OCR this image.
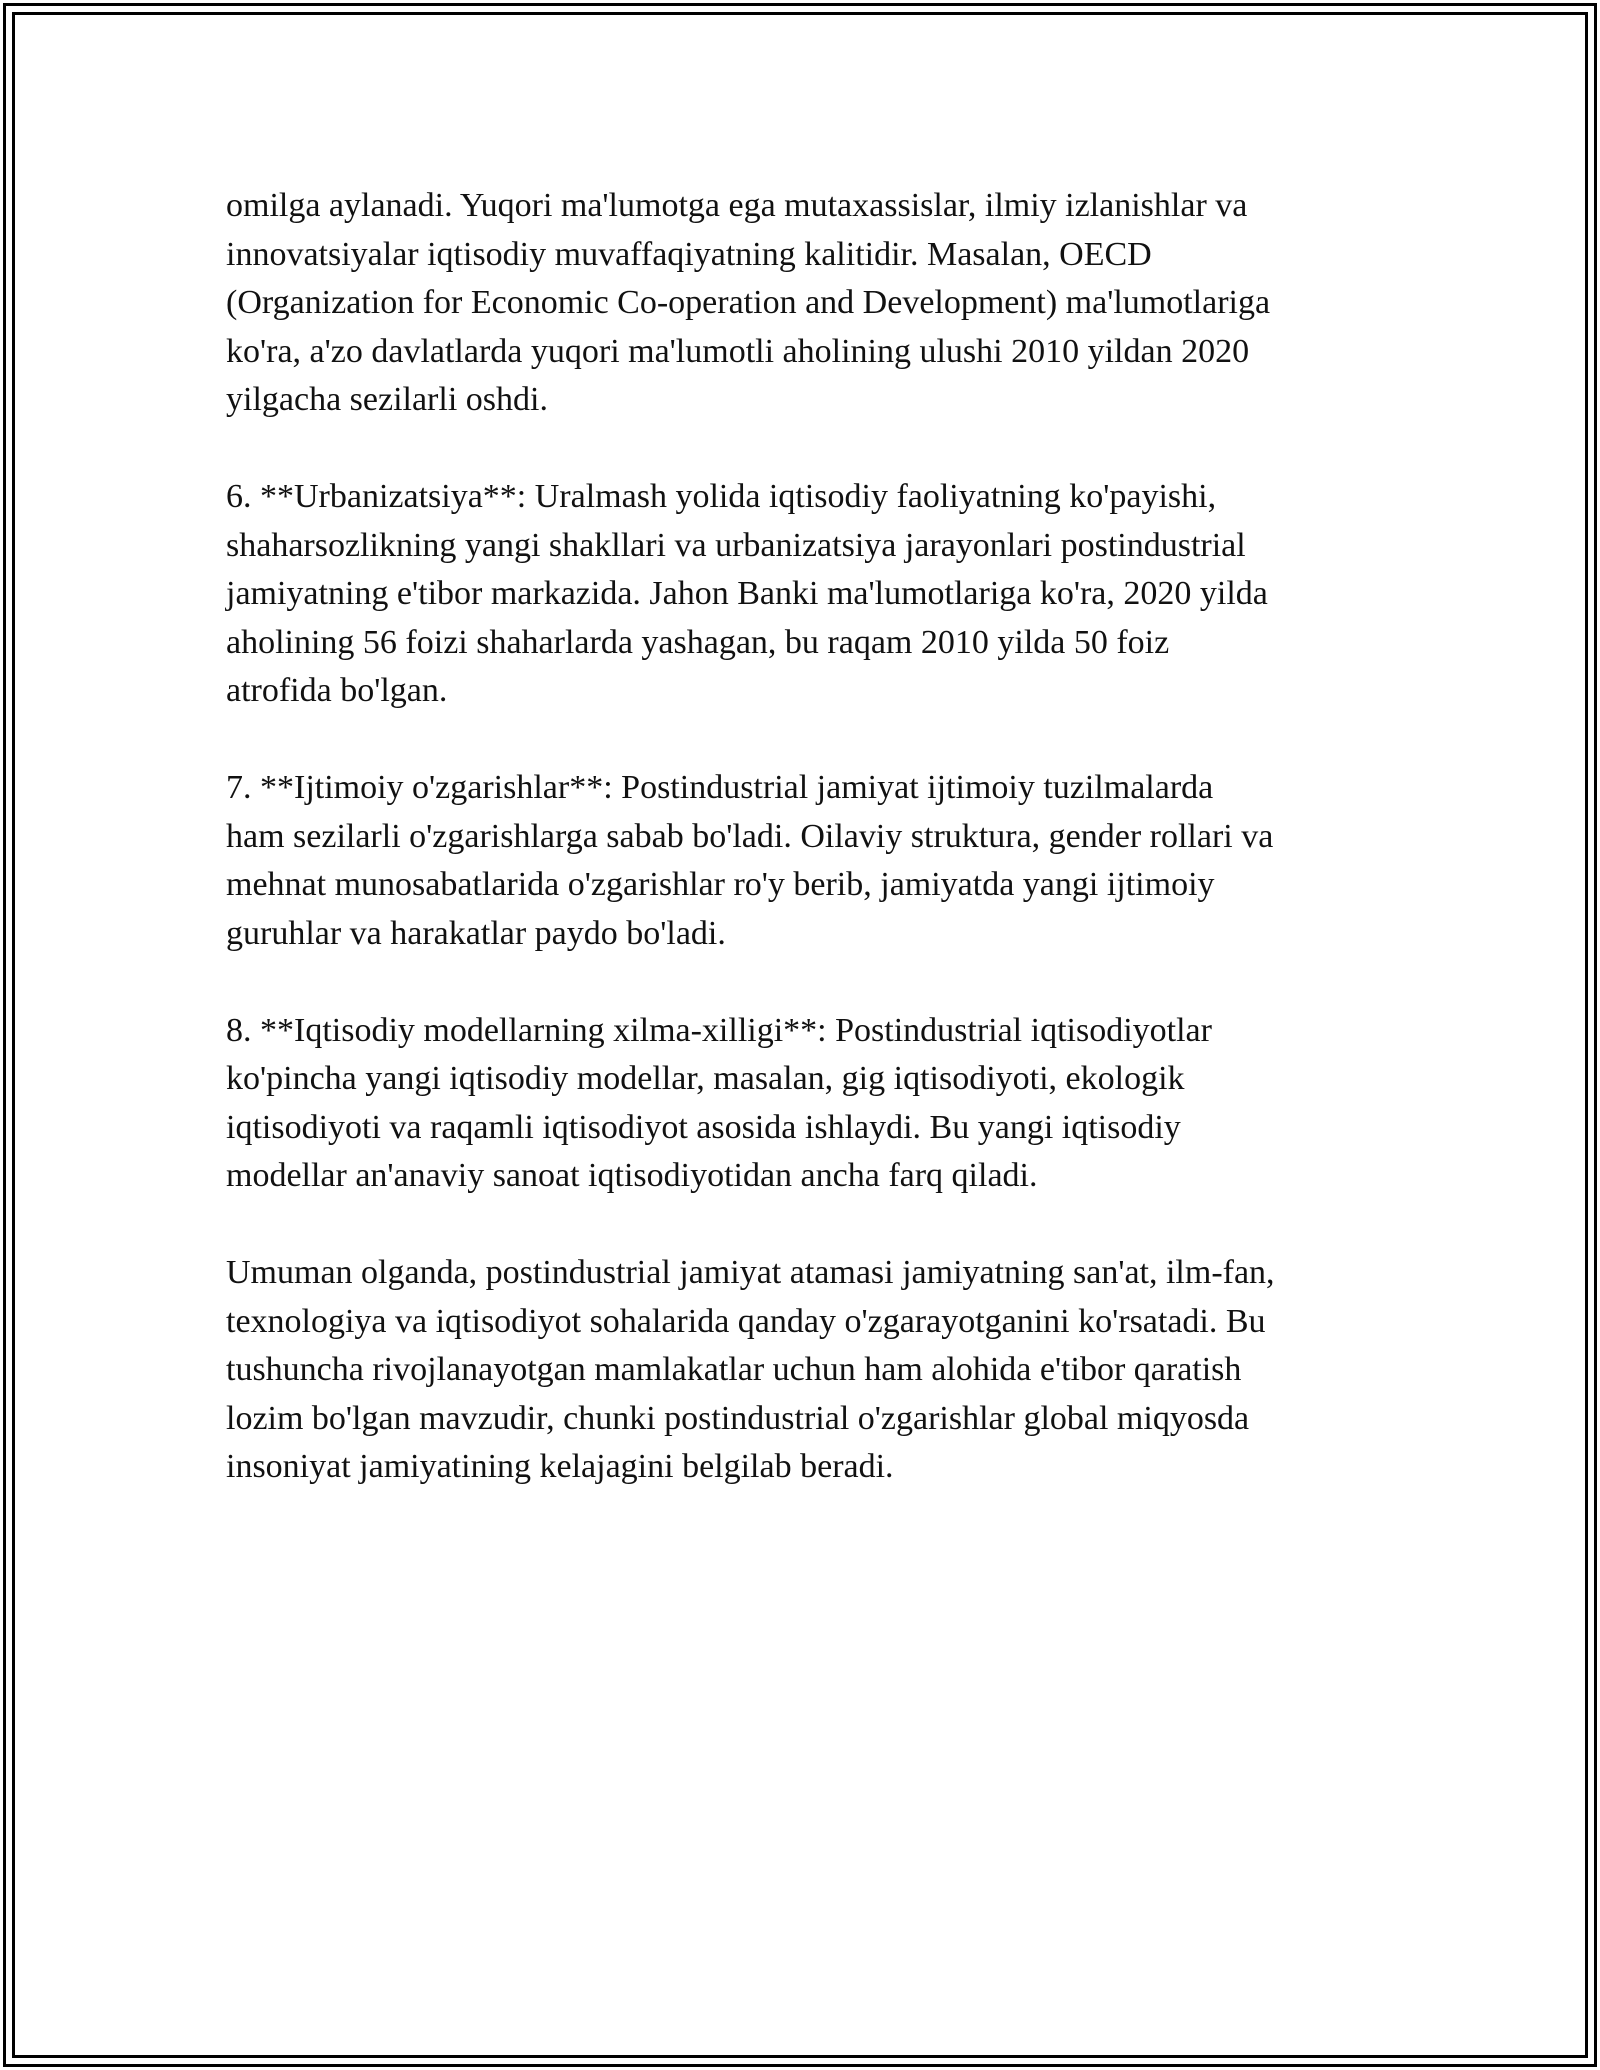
omilga aylanadi. Yuqori ma'lumotga ega mutaxassislar, ilmiy izlanishlar va
innovatsiyalar iqtisodiy muvaffaqiyatning kalitidir. Masalan, OECD
(Organization for Economic Co-operation and Development) ma'lumotlariga
ko'ra, a'zo davlatlarda yuqori ma'lumotli aholining ulushi 2010 yildan 2020
yilgacha sezilarli oshdi.

6. **Urbanizatsiya**: Uralmash yolida iqtisodiy faoliyatning ko'payishi,
shaharsozlikning yangi shakllari va urbanizatsiya jarayonlari postindustrial
jamiyatning e'tibor markazida. Jahon Banki ma'lumotlariga ko'ra, 2020 yilda
aholining 56 foizi shaharlarda yashagan, bu raqam 2010 yilda 50 foiz
atrofida bo'lgan.

7. **Ijtimoiy o'zgarishlar**: Postindustrial jamiyat ijtimoiy tuzilmalarda
ham sezilarli o'zgarishlarga sabab bo'ladi. Oilaviy struktura, gender rollari va
mehnat munosabatlarida o'zgarishlar ro'y berib, jamiyatda yangi ijtimoiy
guruhlar va harakatlar paydo bo'ladi.

8. **Iqtisodiy modellarning xilma-xilligi**: Postindustrial iqtisodiyotlar
ko'pincha yangi iqtisodiy modellar, masalan, gig iqtisodiyoti, ekologik
iqtisodiyoti va raqamli iqtisodiyot asosida ishlaydi. Bu yangi iqtisodiy
modellar an'anaviy sanoat iqtisodiyotidan ancha farq qiladi.

Umuman olganda, postindustrial jamiyat atamasi jamiyatning san'at, ilm-fan,
texnologiya va iqtisodiyot sohalarida qanday o'zgarayotganini ko'rsatadi. Bu
tushuncha rivojlanayotgan mamlakatlar uchun ham alohida e'tibor qaratish
lozim bo'lgan mavzudir, chunki postindustrial o'zgarishlar global miqyosda
insoniyat jamiyatining kelajagini belgilab beradi.
